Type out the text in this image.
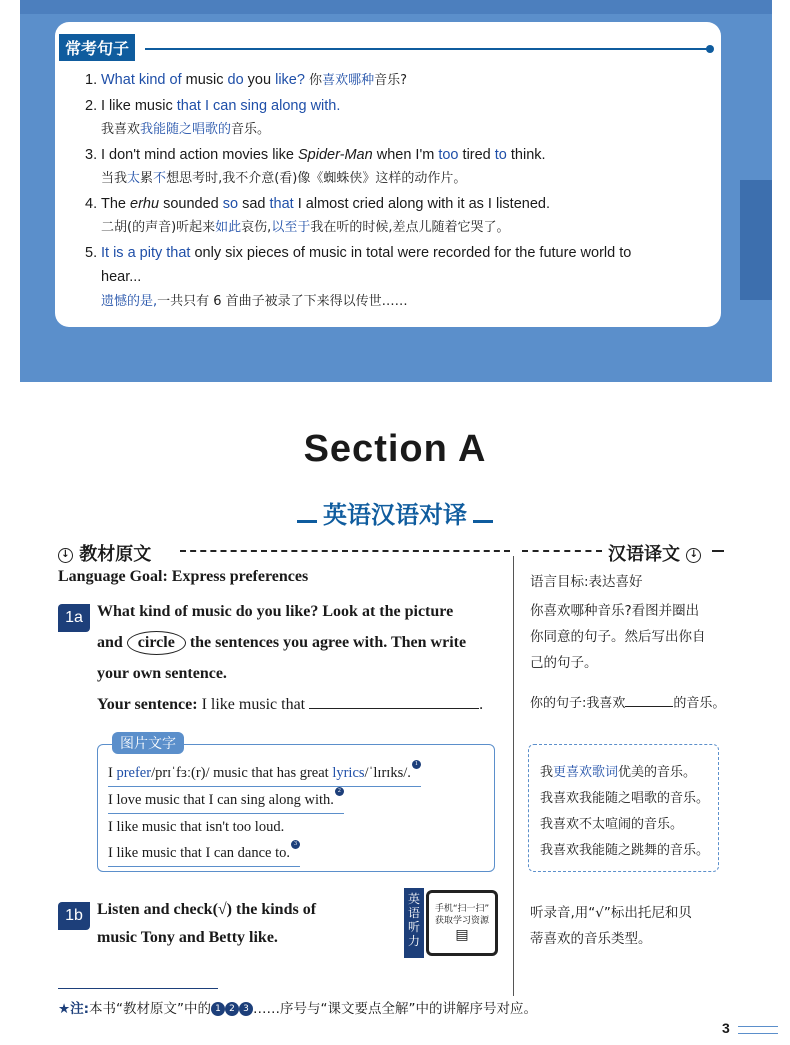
常考句子
1. What kind of music do you like? 你喜欢哪种音乐?
2. I like music that I can sing along with.
我喜欢我能随之唱歌的音乐。
3. I don't mind action movies like Spider-Man when I'm too tired to think.
当我太累不想思考时,我不介意(看)像《蜘蛛侠》这样的动作片。
4. The erhu sounded so sad that I almost cried along with it as I listened.
二胡(的声音)听起来如此哀伤,以至于我在听的时候,差点儿随着它哭了。
5. It is a pity that only six pieces of music in total were recorded for the future world to
hear...
遗憾的是,一共只有 6 首曲子被录了下来得以传世……
Section A
英语汉语对译
↓ 教材原文	汉语译文 ↓
Language Goal: Express preferences	语言目标:表达喜好
1a What kind of music do you like? Look at the picture
and circle the sentences you agree with. Then write
your own sentence.
Your sentence: I like music that	.
你喜欢哪种音乐?看图并圈出
你同意的句子。然后写出你自
己的句子。
你的句子:我喜欢	的音乐。
图片文字
I prefer/prɪˈfɜː(r)/ music that has great lyrics/ˈlɪrɪks/.1
I love music that I can sing along with.2
I like music that isn't too loud.
I like music that I can dance to.3
我更喜欢歌词优美的音乐。
我喜欢我能随之唱歌的音乐。
我喜欢不太喧闹的音乐。
我喜欢我能随之跳舞的音乐。
1b Listen and check(√) the kinds of
music Tony and Betty like.
英语听力
手机“扫一扫”
获取学习资源
▤
听录音,用“√”标出托尼和贝
蒂喜欢的音乐类型。
★注:本书“教材原文”中的 1 2 3 ……序号与“课文要点全解”中的讲解序号对应。
3
